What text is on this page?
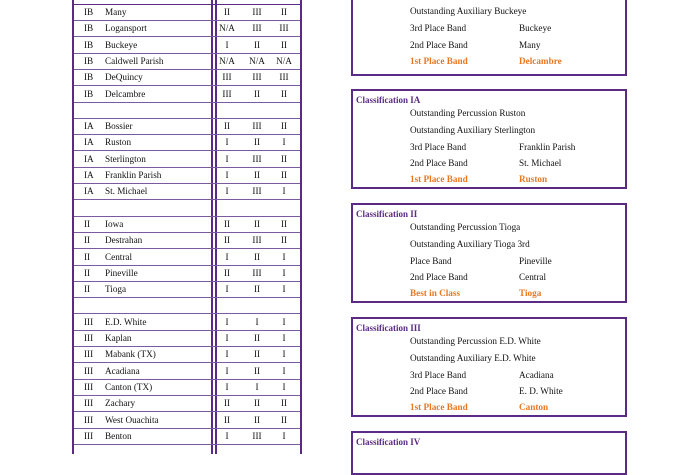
IB Many	II	III	II
IB Logansport	N/A	III	III
IB Buckeye	I	II	II
IB Caldwell Parish	N/A	N/A	N/A
IB DeQuincy	III	III	III
IB Delcambre	III	II	II
IA Bossier	II	III	II
IA Ruston	I	II	I
IA Sterlington	I	III	II
IA Franklin Parish	I	II	II
IA St. Michael	I	III	I
II Iowa	II	II	II
II Destrahan	II	III	II
II Central	I	II	I
II Pineville	II	III	I
II Tioga	I	II	I
III E.D. White	I	I	I
III Kaplan	I	II	I
III Mabank (TX)	I	II	I
III Acadiana	I	II	I
III Canton (TX)	I	I	I
III Zachary	II	II	II
III West Ouachita	II	II	II
III Benton	I	III	I
Outstanding Auxiliary Buckeye
3rd Place Band	Buckeye
2nd Place Band	Many
1st Place Band	Delcambre
Classification IA
Outstanding Percussion Ruston
Outstanding Auxiliary Sterlington
3rd Place Band	Franklin Parish
2nd Place Band	St. Michael
1st Place Band	Ruston
Classification II
Outstanding Percussion Tioga
Outstanding Auxiliary Tioga 3rd
Place Band	Pineville
2nd Place Band	Central
Best in Class	Tioga
Classification III
Outstanding Percussion E.D. White
Outstanding Auxiliary E.D. White
3rd Place Band	Acadiana
2nd Place Band	E. D. White
1st Place Band	Canton
Classification IV
